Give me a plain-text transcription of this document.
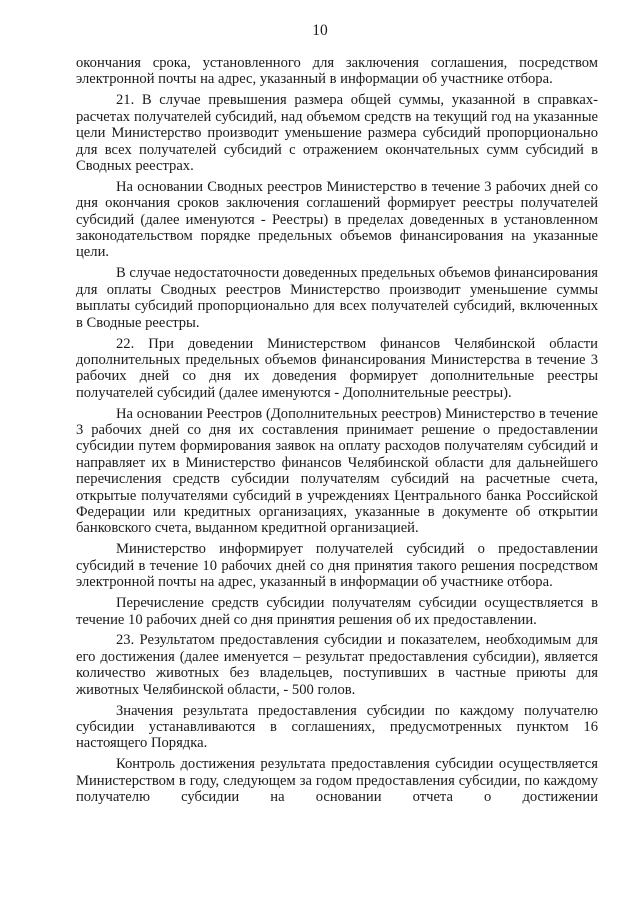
10

окончания срока, установленного для заключения соглашения, посредством электронной почты на адрес, указанный в информации об участнике отбора.

21. В случае превышения размера общей суммы, указанной в справках-расчетах получателей субсидий, над объемом средств на текущий год на указанные цели Министерство производит уменьшение размера субсидий пропорционально для всех получателей субсидий с отражением окончательных сумм субсидий в Сводных реестрах.

На основании Сводных реестров Министерство в течение 3 рабочих дней со дня окончания сроков заключения соглашений формирует реестры получателей субсидий (далее именуются - Реестры) в пределах доведенных в установленном законодательством порядке предельных объемов финансирования на указанные цели.

В случае недостаточности доведенных предельных объемов финансирования для оплаты Сводных реестров Министерство производит уменьшение суммы выплаты субсидий пропорционально для всех получателей субсидий, включенных в Сводные реестры.

22. При доведении Министерством финансов Челябинской области дополнительных предельных объемов финансирования Министерства в течение 3 рабочих дней со дня их доведения формирует дополнительные реестры получателей субсидий (далее именуются - Дополнительные реестры).

На основании Реестров (Дополнительных реестров) Министерство в течение 3 рабочих дней со дня их составления принимает решение о предоставлении субсидии путем формирования заявок на оплату расходов получателям субсидий и направляет их в Министерство финансов Челябинской области для дальнейшего перечисления средств субсидии получателям субсидий на расчетные счета, открытые получателями субсидий в учреждениях Центрального банка Российской Федерации или кредитных организациях, указанные в документе об открытии банковского счета, выданном кредитной организацией.

Министерство информирует получателей субсидий о предоставлении субсидий в течение 10 рабочих дней со дня принятия такого решения посредством электронной почты на адрес, указанный в информации об участнике отбора.

Перечисление средств субсидии получателям субсидии осуществляется в течение 10 рабочих дней со дня принятия решения об их предоставлении.

23. Результатом предоставления субсидии и показателем, необходимым для его достижения (далее именуется – результат предоставления субсидии), является количество животных без владельцев, поступивших в частные приюты для животных Челябинской области, - 500 голов.

Значения результата предоставления субсидии по каждому получателю субсидии устанавливаются в соглашениях, предусмотренных пунктом 16 настоящего Порядка.

Контроль достижения результата предоставления субсидии осуществляется Министерством в году, следующем за годом предоставления субсидии, по каждому получателю субсидии на основании отчета о достижении
